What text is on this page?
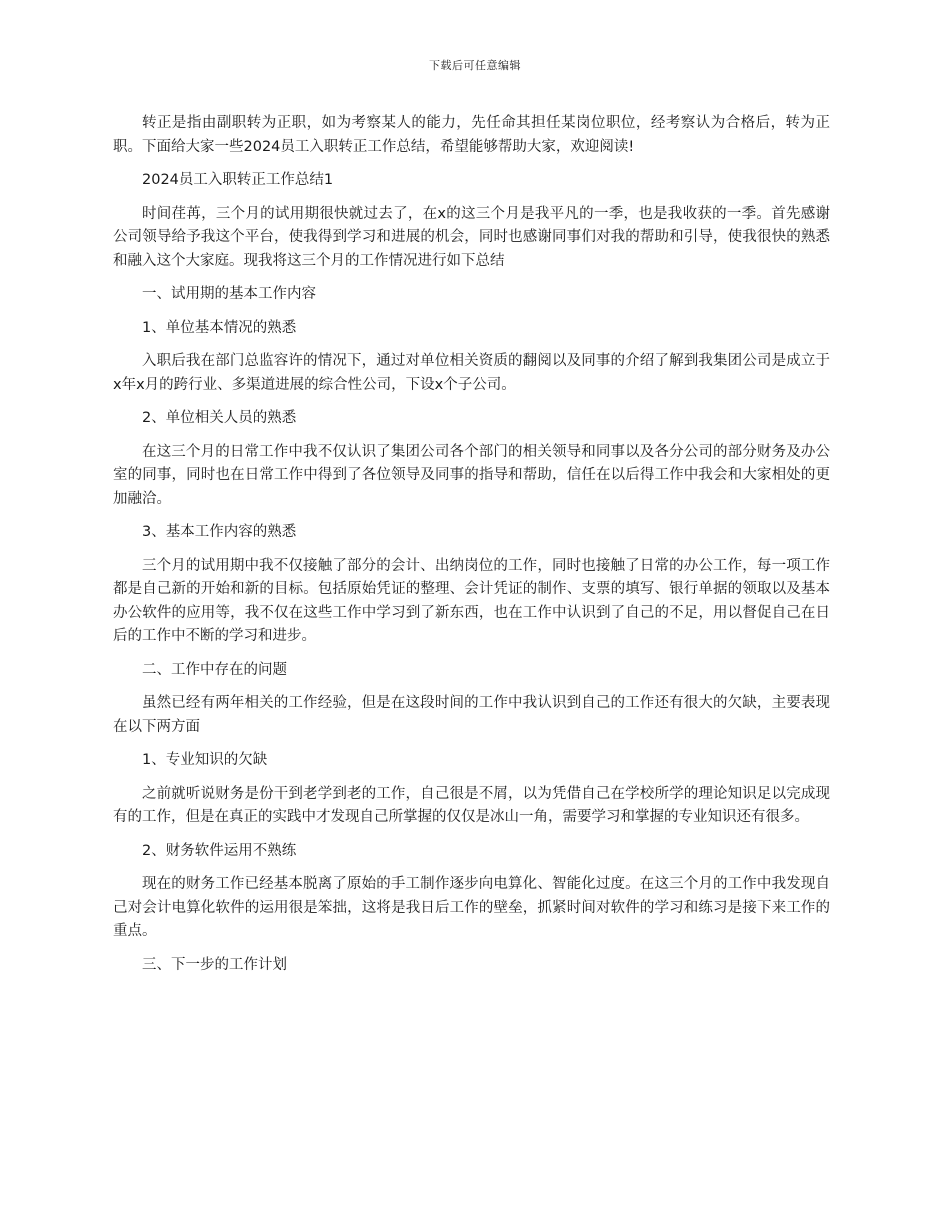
下载后可任意编辑

转正是指由副职转为正职，如为考察某人的能力，先任命其担任某岗位职位，经考察认为合格后，转为正职。下面给大家一些2024员工入职转正工作总结，希望能够帮助大家，欢迎阅读!

2024员工入职转正工作总结1

时间荏苒，三个月的试用期很快就过去了，在x的这三个月是我平凡的一季，也是我收获的一季。首先感谢公司领导给予我这个平台，使我得到学习和进展的机会，同时也感谢同事们对我的帮助和引导，使我很快的熟悉和融入这个大家庭。现我将这三个月的工作情况进行如下总结

一、试用期的基本工作内容

1、单位基本情况的熟悉

入职后我在部门总监容许的情况下，通过对单位相关资质的翻阅以及同事的介绍了解到我集团公司是成立于x年x月的跨行业、多渠道进展的综合性公司，下设x个子公司。

2、单位相关人员的熟悉

在这三个月的日常工作中我不仅认识了集团公司各个部门的相关领导和同事以及各分公司的部分财务及办公室的同事，同时也在日常工作中得到了各位领导及同事的指导和帮助，信任在以后得工作中我会和大家相处的更加融洽。

3、基本工作内容的熟悉

三个月的试用期中我不仅接触了部分的会计、出纳岗位的工作，同时也接触了日常的办公工作，每一项工作都是自己新的开始和新的目标。包括原始凭证的整理、会计凭证的制作、支票的填写、银行单据的领取以及基本办公软件的应用等，我不仅在这些工作中学习到了新东西，也在工作中认识到了自己的不足，用以督促自己在日后的工作中不断的学习和进步。

二、工作中存在的问题

虽然已经有两年相关的工作经验，但是在这段时间的工作中我认识到自己的工作还有很大的欠缺，主要表现在以下两方面

1、专业知识的欠缺

之前就听说财务是份干到老学到老的工作，自己很是不屑，以为凭借自己在学校所学的理论知识足以完成现有的工作，但是在真正的实践中才发现自己所掌握的仅仅是冰山一角，需要学习和掌握的专业知识还有很多。

2、财务软件运用不熟练

现在的财务工作已经基本脱离了原始的手工制作逐步向电算化、智能化过度。在这三个月的工作中我发现自己对会计电算化软件的运用很是笨拙，这将是我日后工作的壁垒，抓紧时间对软件的学习和练习是接下来工作的重点。

三、下一步的工作计划
